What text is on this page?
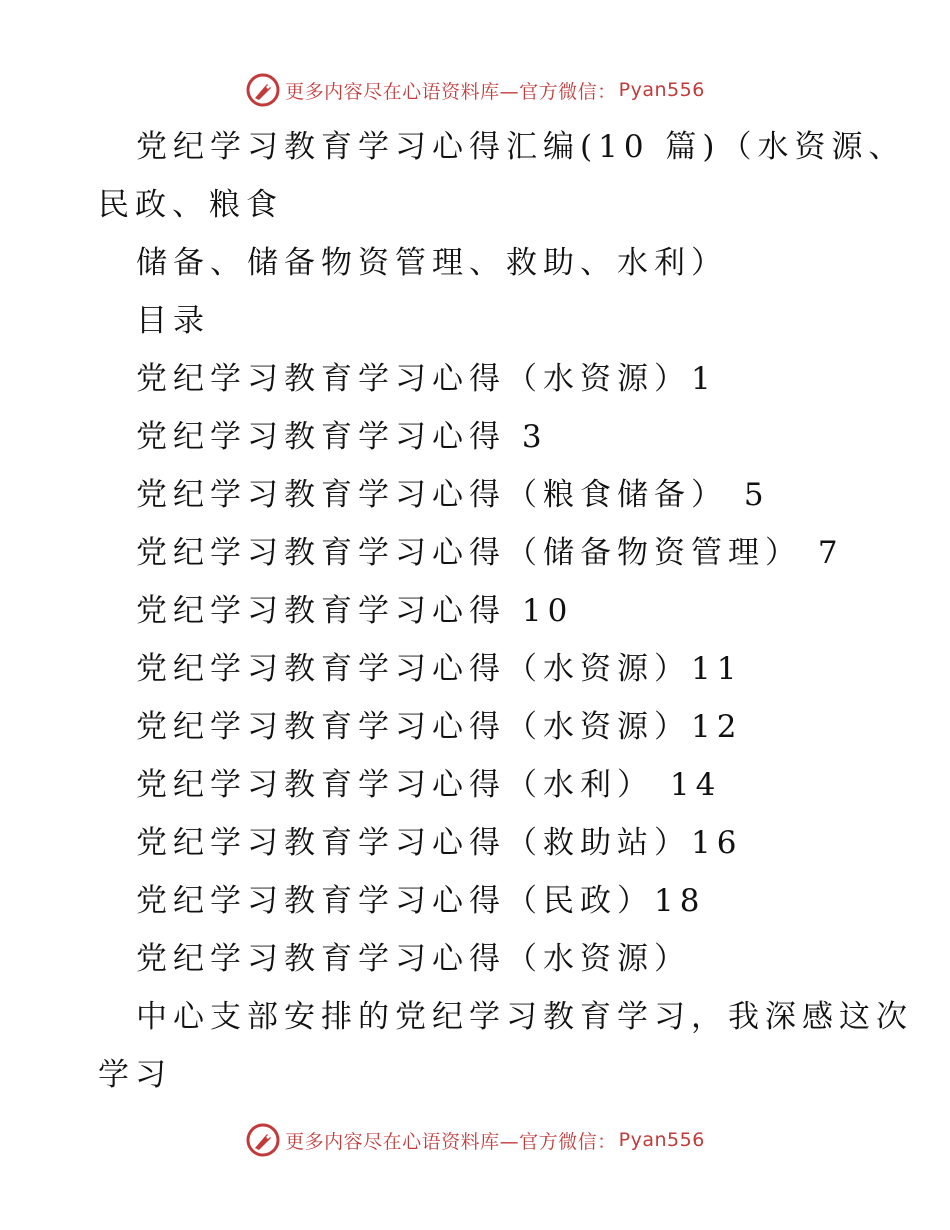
更多内容尽在心语资料库—官方微信： Pyan556

党纪学习教育学习心得汇编(10 篇)（水资源、

民政、粮食

储备、储备物资管理、救助、水利）

目录

党纪学习教育学习心得（水资源）1

党纪学习教育学习心得 3

党纪学习教育学习心得（粮食储备） 5

党纪学习教育学习心得（储备物资管理） 7

党纪学习教育学习心得 10

党纪学习教育学习心得（水资源）11

党纪学习教育学习心得（水资源）12

党纪学习教育学习心得（水利） 14

党纪学习教育学习心得（救助站）16

党纪学习教育学习心得（民政）18

党纪学习教育学习心得（水资源）

中心支部安排的党纪学习教育学习，我深感这次

学习

更多内容尽在心语资料库—官方微信： Pyan556
